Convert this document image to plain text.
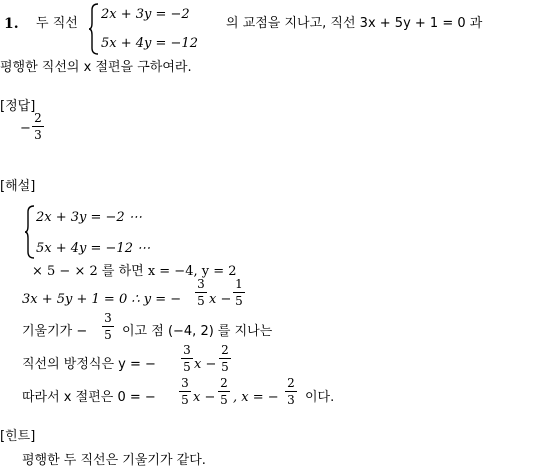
1. 두 직선
2x + 3y = −2
5x + 4y = −12
의 교점을 지나고, 직선 3x + 5y + 1 = 0 과
평행한 직선의 x 절편을 구하여라.
[정답]
−
2
3
[해설]
2x + 3y = −2 ⋯
5x + 4y = −12 ⋯
× 5 − × 2 를 하면 x = −4, y = 2
3x + 5y + 1 = 0 ∴ y = −
3
5 x −
1
5
기울기가 −
3
5 이고 점 (−4, 2) 를 지나는
직선의 방정식은 y = −
3
5 x −
2
5
따라서 x 절편은 0 = −
3
5 x −
2
5 , x = −
2
3 이다.
[힌트]
평행한 두 직선은 기울기가 같다.
